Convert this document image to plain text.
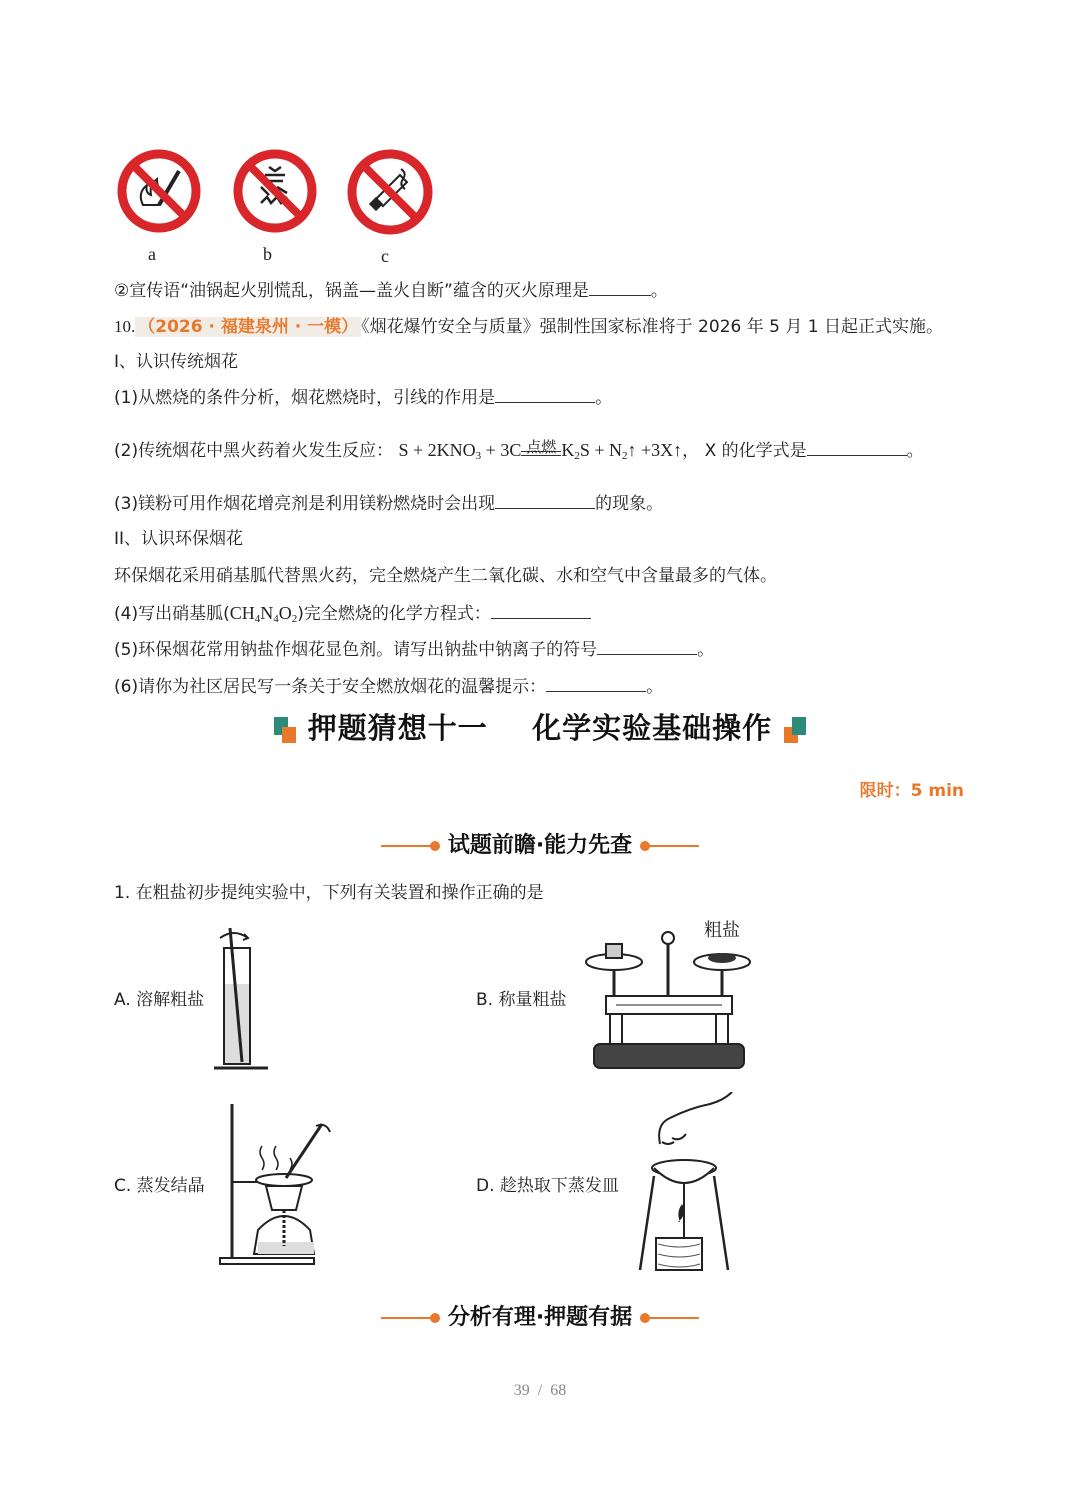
a	b	c
②宣传语“油锅起火别慌乱，锅盖—盖火自断”蕴含的灭火原理是	。
10. （2026 · 福建泉州 · 一模） 《烟花爆竹安全与质量》强制性国家标准将于 2026 年 5 月 1 日起正式实施。
I、认识传统烟花
(1)从燃烧的条件分析，烟花燃烧时，引线的作用是	。
(2)传统烟花中黑火药着火发生反应： $S + 2KNO_3 + 3C$ 点燃 $K_2S$ + $N_2↑$ +3X↑， X 的化学式是	。
(3)镁粉可用作烟花增亮剂是利用镁粉燃烧时会出现	的现象。
II、认识环保烟花
环保烟花采用硝基胍代替黑火药，完全燃烧产生二氧化碳、水和空气中含量最多的气体。
(4)写出硝基胍$(CH_4N_4O_2)$完全燃烧的化学方程式：
(5)环保烟花常用钠盐作烟花显色剂。请写出钠盐中钠离子的符号	。
(6)请你为社区居民写一条关于安全燃放烟花的温馨提示：	。
押题猜想十一    化学实验基础操作
限时：5 min
试题前瞻·能力先查
1. 在粗盐初步提纯实验中，下列有关装置和操作正确的是
A. 溶解粗盐	B. 称量粗盐
粗盐
C. 蒸发结晶	D. 趁热取下蒸发皿
分析有理·押题有据
39  /  68
